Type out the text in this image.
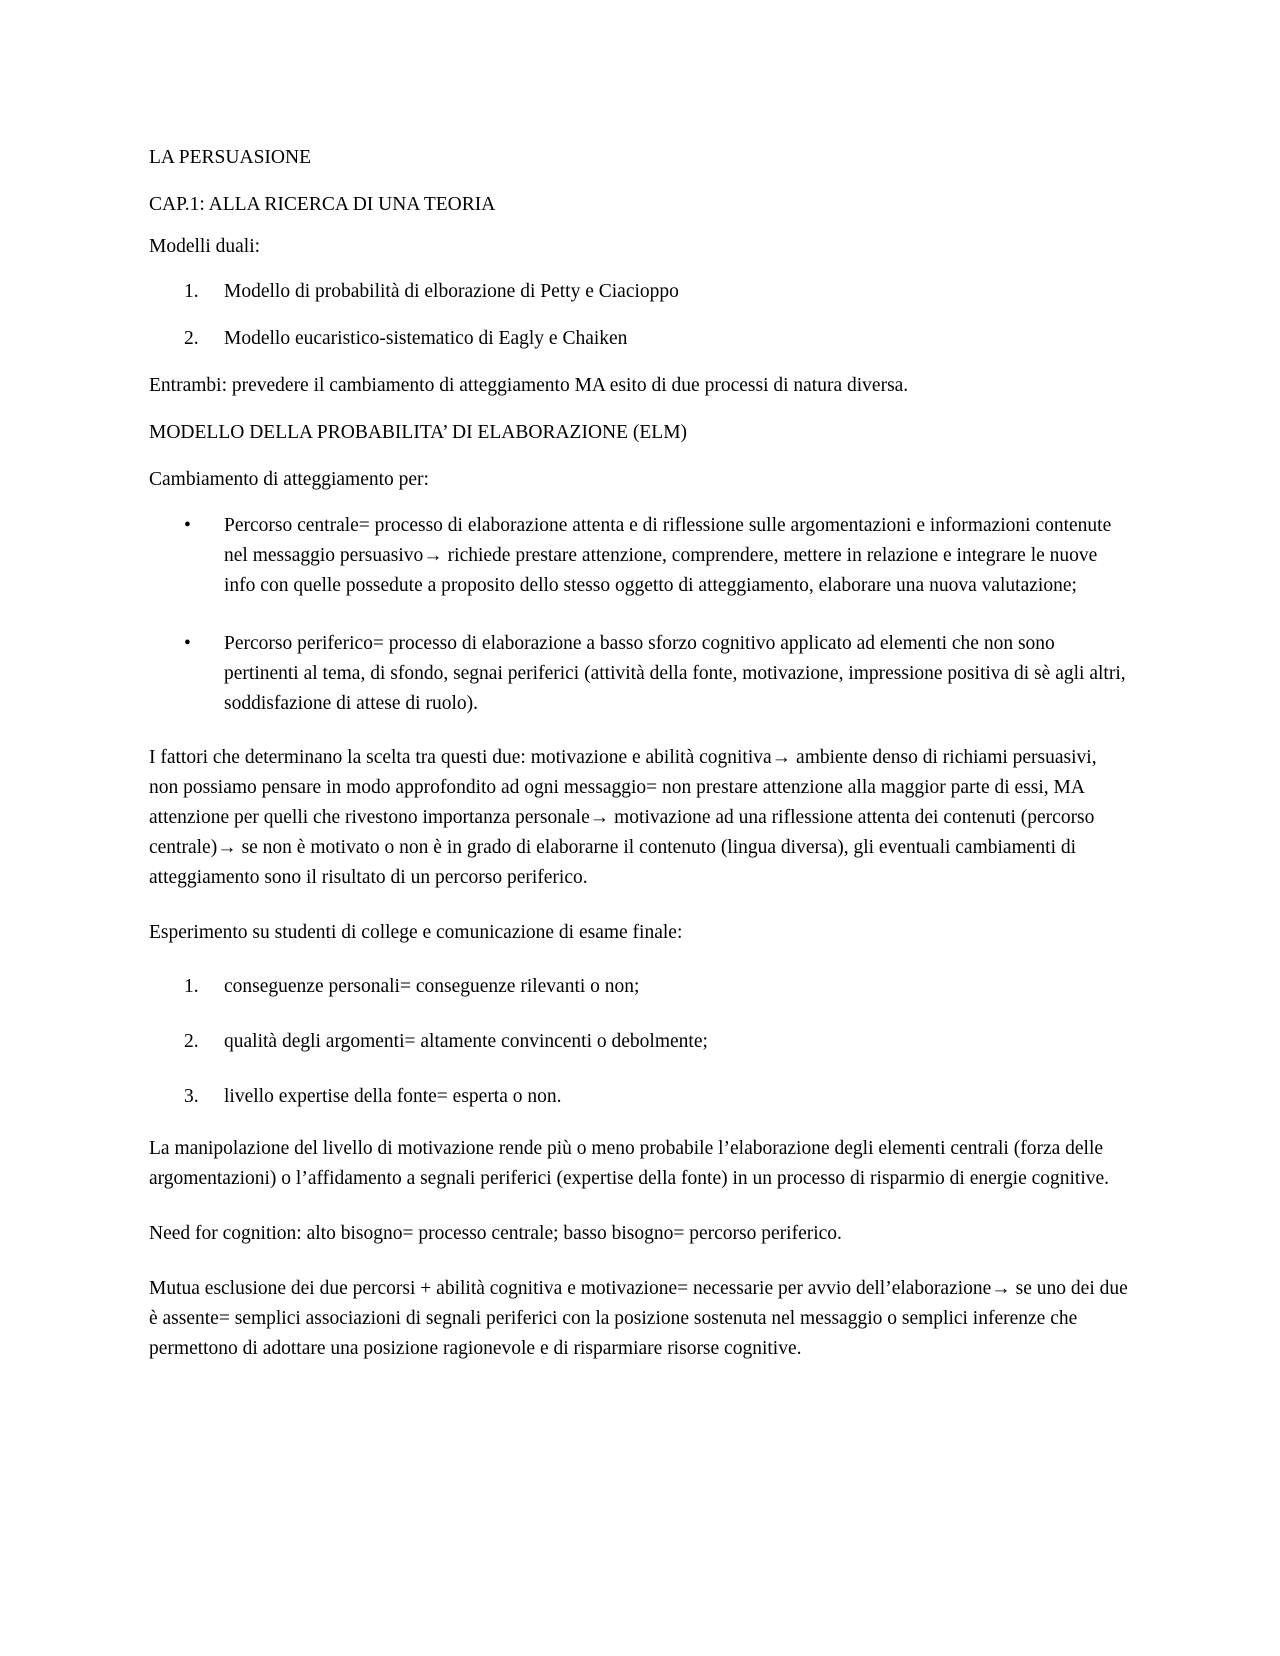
LA PERSUASIONE

CAP.1: ALLA RICERCA DI UNA TEORIA

Modelli duali:

1.	Modello di probabilità di elborazione di Petty e Ciacioppo
2.	Modello eucaristico-sistematico di Eagly e Chaiken

Entrambi: prevedere il cambiamento di atteggiamento MA esito di due processi di natura diversa.

MODELLO DELLA PROBABILITA’ DI ELABORAZIONE (ELM)

Cambiamento di atteggiamento per:

•	Percorso centrale= processo di elaborazione attenta e di riflessione sulle argomentazioni e informazioni contenute nel messaggio persuasivo→ richiede prestare attenzione, comprendere, mettere in relazione e integrare le nuove info con quelle possedute a proposito dello stesso oggetto di atteggiamento, elaborare una nuova valutazione;
•	Percorso periferico= processo di elaborazione a basso sforzo cognitivo applicato ad elementi che non sono pertinenti al tema, di sfondo, segnai periferici (attività della fonte, motivazione, impressione positiva di sè agli altri, soddisfazione di attese di ruolo).

I fattori che determinano la scelta tra questi due: motivazione e abilità cognitiva→ ambiente denso di richiami persuasivi, non possiamo pensare in modo approfondito ad ogni messaggio= non prestare attenzione alla maggior parte di essi, MA attenzione per quelli che rivestono importanza personale→ motivazione ad una riflessione attenta dei contenuti (percorso centrale)→ se non è motivato o non è in grado di elaborarne il contenuto (lingua diversa), gli eventuali cambiamenti di atteggiamento sono il risultato di un percorso periferico.

Esperimento su studenti di college e comunicazione di esame finale:

1.	conseguenze personali= conseguenze rilevanti o non;
2.	qualità degli argomenti= altamente convincenti o debolmente;
3.	livello expertise della fonte= esperta o non.

La manipolazione del livello di motivazione rende più o meno probabile l’elaborazione degli elementi centrali (forza delle argomentazioni) o l’affidamento a segnali periferici (expertise della fonte) in un processo di risparmio di energie cognitive.

Need for cognition: alto bisogno= processo centrale; basso bisogno= percorso periferico.

Mutua esclusione dei due percorsi + abilità cognitiva e motivazione= necessarie per avvio dell’elaborazione→ se uno dei due è assente= semplici associazioni di segnali periferici con la posizione sostenuta nel messaggio o semplici inferenze che permettono di adottare una posizione ragionevole e di risparmiare risorse cognitive.
